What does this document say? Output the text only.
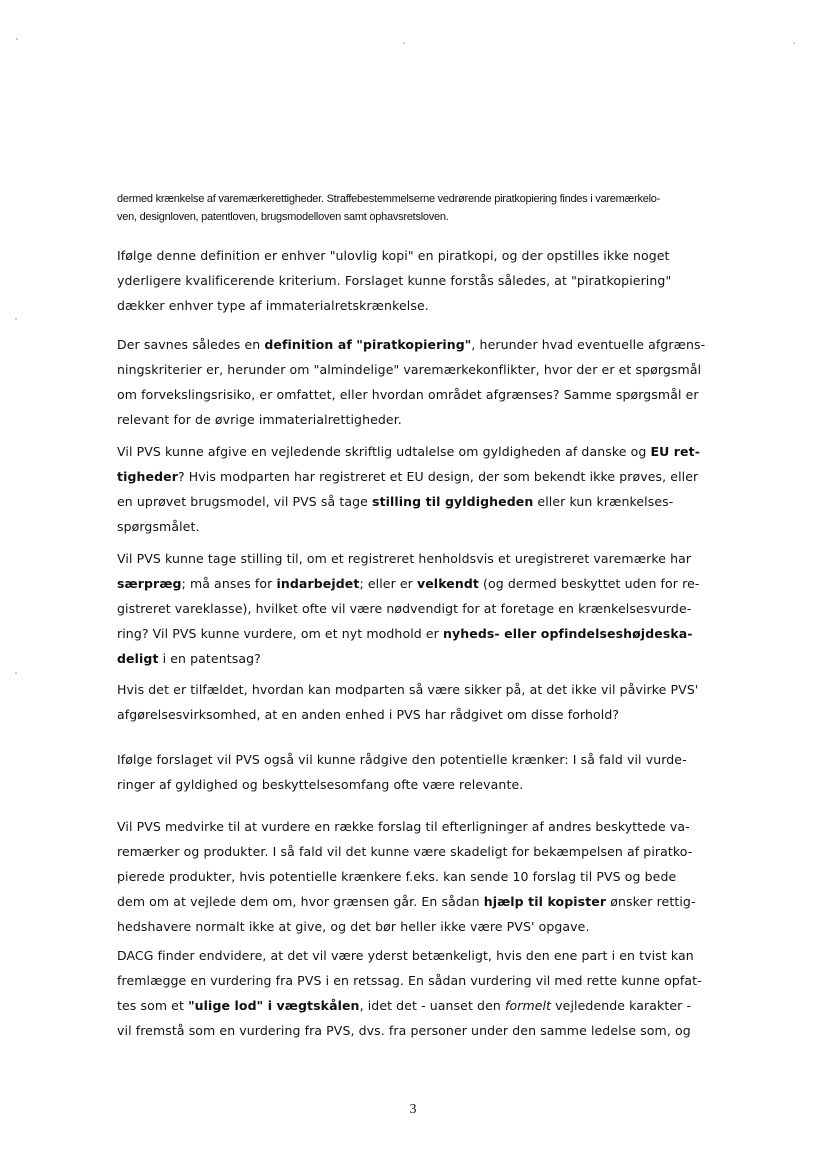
dermed krænkelse af varemærkerettigheder. Straffebestemmelserne vedrørende piratkopiering findes i varemærkelo-
ven, designloven, patentloven, brugsmodelloven samt ophavsretsloven.
Ifølge denne definition er enhver "ulovlig kopi" en piratkopi, og der opstilles ikke noget
yderligere kvalificerende kriterium. Forslaget kunne forstås således, at "piratkopiering"
dækker enhver type af immaterialretskrænkelse.
Der savnes således en definition af "piratkopiering", herunder hvad eventuelle afgræns-
ningskriterier er, herunder om "almindelige" varemærkekonflikter, hvor der er et spørgsmål
om forvekslingsrisiko, er omfattet, eller hvordan området afgrænses? Samme spørgsmål er
relevant for de øvrige immaterialrettigheder.
Vil PVS kunne afgive en vejledende skriftlig udtalelse om gyldigheden af danske og EU ret-
tigheder? Hvis modparten har registreret et EU design, der som bekendt ikke prøves, eller
en uprøvet brugsmodel, vil PVS så tage stilling til gyldigheden eller kun krænkelses-
spørgsmålet.
Vil PVS kunne tage stilling til, om et registreret henholdsvis et uregistreret varemærke har
særpræg; må anses for indarbejdet; eller er velkendt (og dermed beskyttet uden for re-
gistreret vareklasse), hvilket ofte vil være nødvendigt for at foretage en krænkelsesvurde-
ring? Vil PVS kunne vurdere, om et nyt modhold er nyheds- eller opfindelseshøjdeska-
deligt i en patentsag?
Hvis det er tilfældet, hvordan kan modparten så være sikker på, at det ikke vil påvirke PVS'
afgørelsesvirksomhed, at en anden enhed i PVS har rådgivet om disse forhold?
Ifølge forslaget vil PVS også vil kunne rådgive den potentielle krænker: I så fald vil vurde-
ringer af gyldighed og beskyttelsesomfang ofte være relevante.
Vil PVS medvirke til at vurdere en række forslag til efterligninger af andres beskyttede va-
remærker og produkter. I så fald vil det kunne være skadeligt for bekæmpelsen af piratko-
pierede produkter, hvis potentielle krænkere f.eks. kan sende 10 forslag til PVS og bede
dem om at vejlede dem om, hvor grænsen går. En sådan hjælp til kopister ønsker rettig-
hedshavere normalt ikke at give, og det bør heller ikke være PVS' opgave.
DACG finder endvidere, at det vil være yderst betænkeligt, hvis den ene part i en tvist kan
fremlægge en vurdering fra PVS i en retssag. En sådan vurdering vil med rette kunne opfat-
tes som et "ulige lod" i vægtskålen, idet det - uanset den formelt vejledende karakter -
vil fremstå som en vurdering fra PVS, dvs. fra personer under den samme ledelse som, og
3
